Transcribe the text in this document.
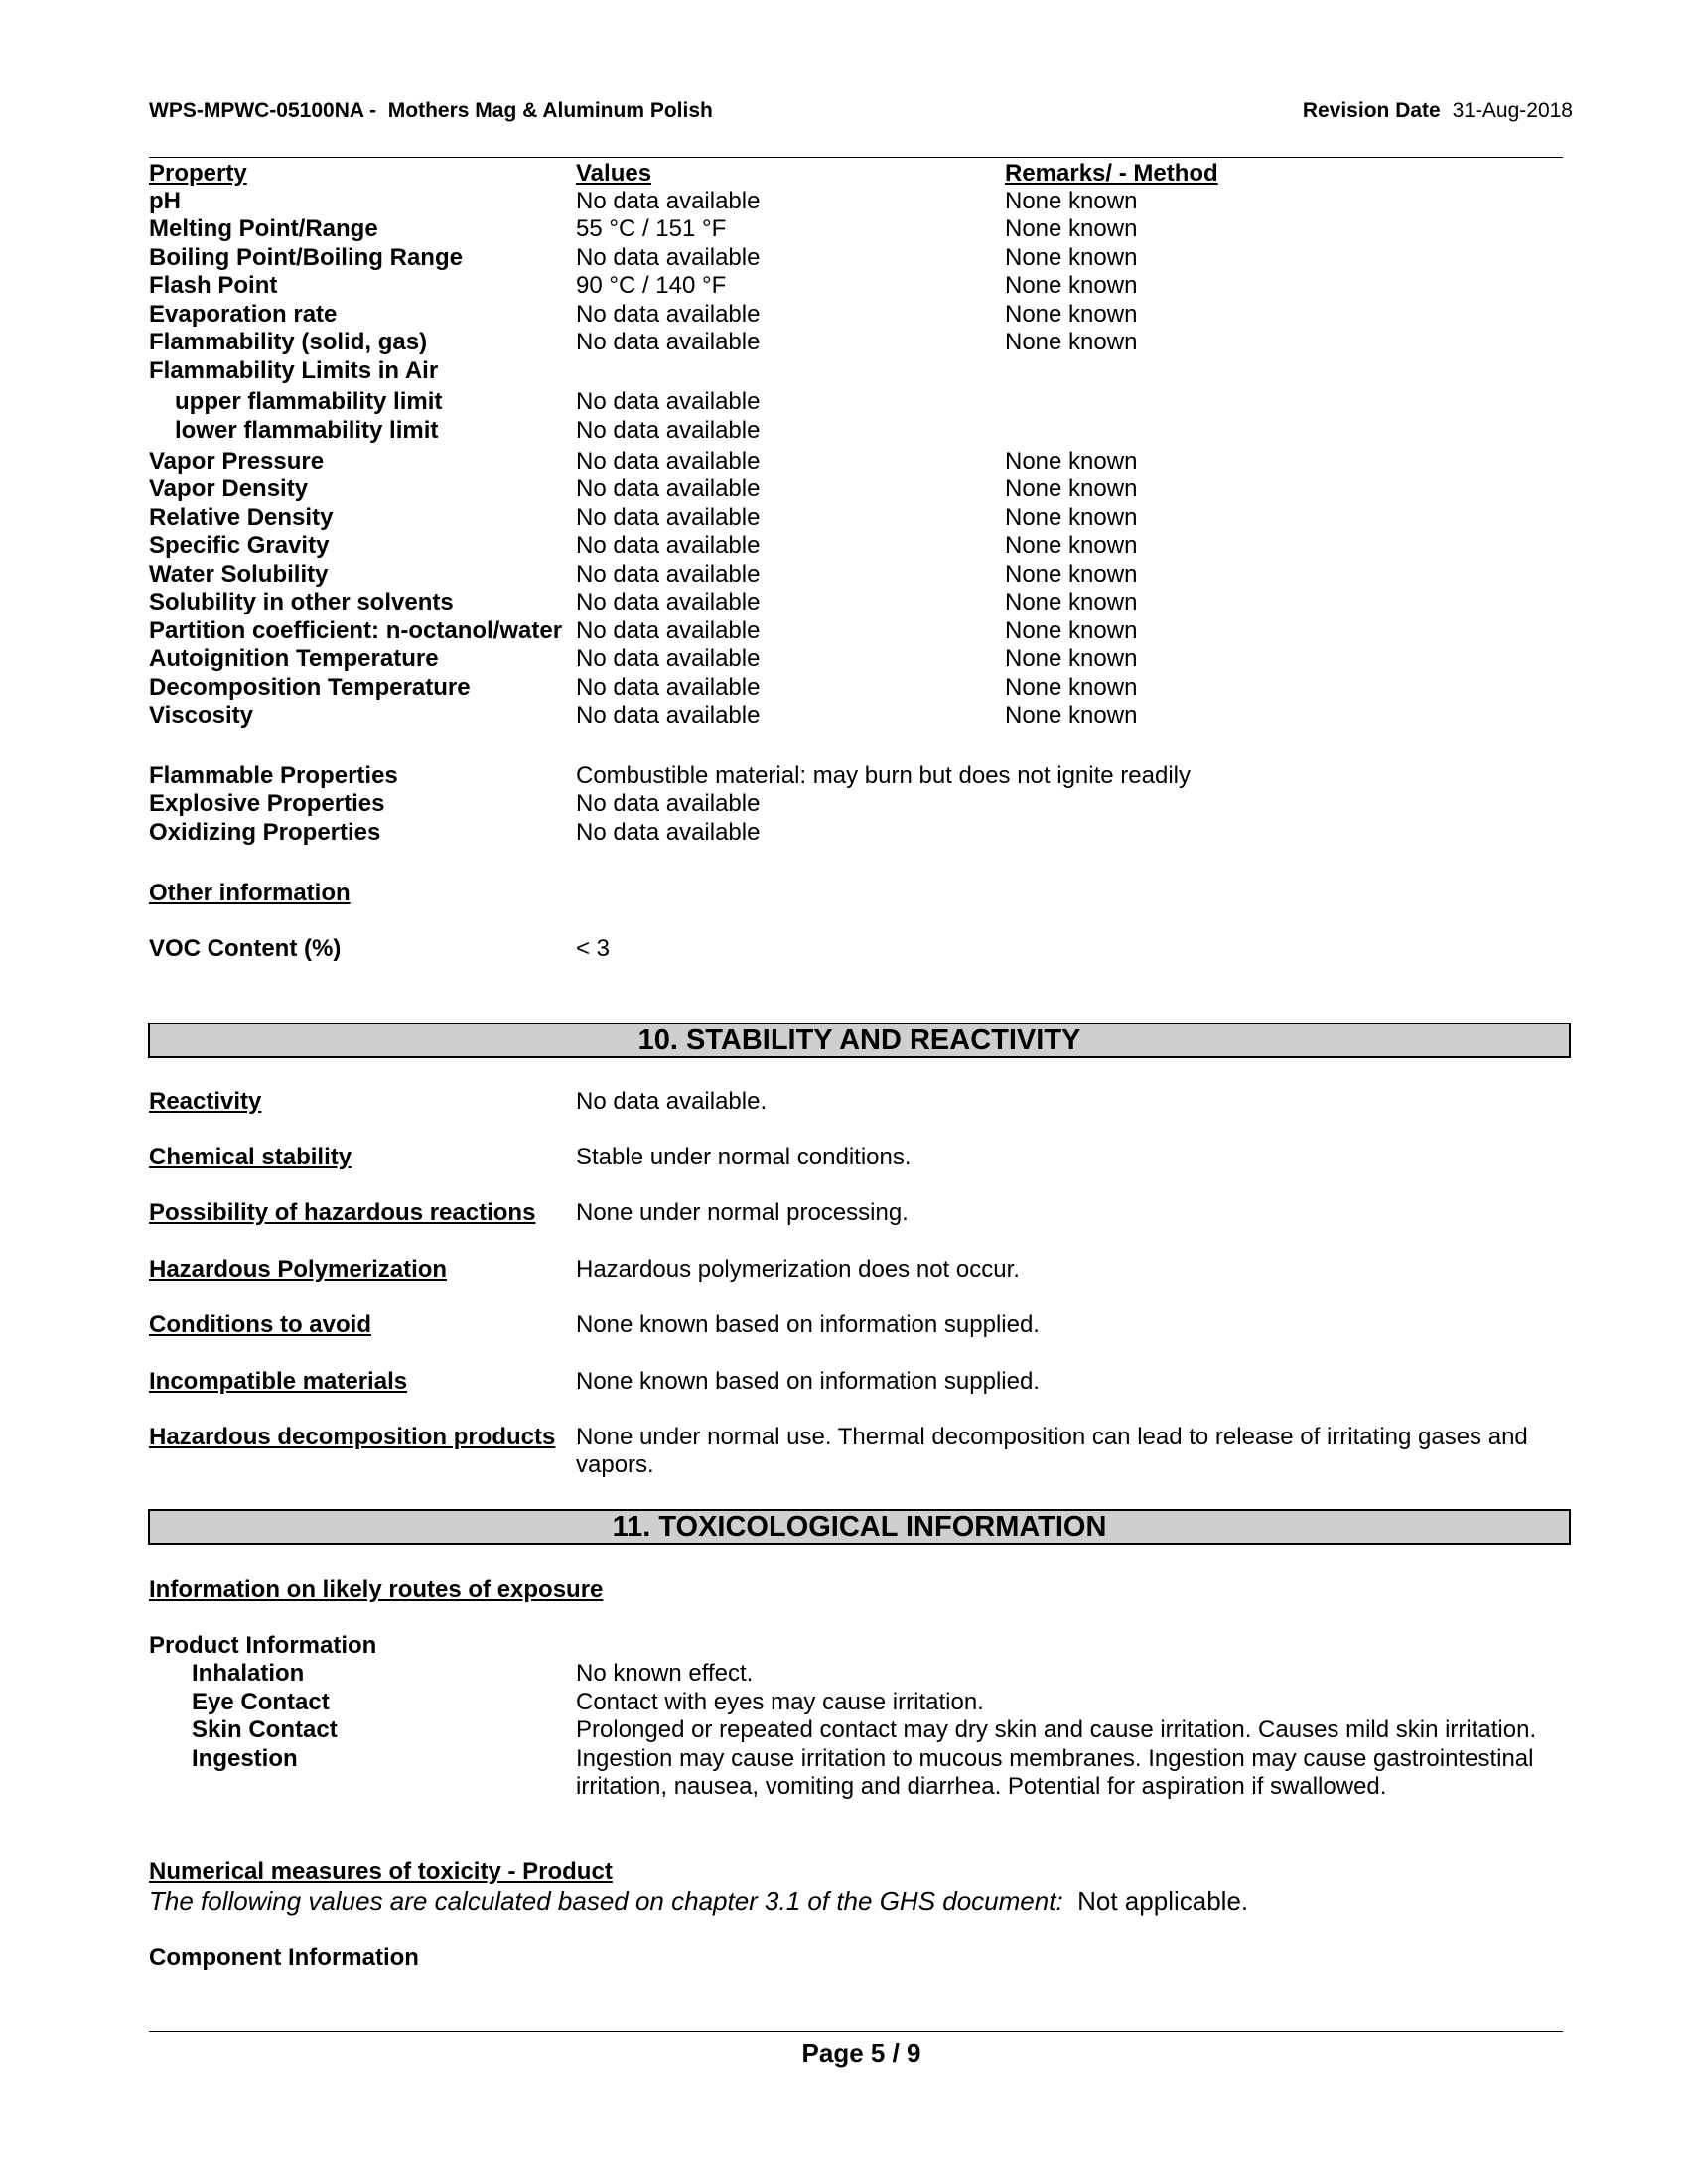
WPS-MPWC-05100NA - Mothers Mag & Aluminum Polish	Revision Date 31-Aug-2018
Property	Values	Remarks/ - Method
pH	No data available	None known
Melting Point/Range	55 °C / 151 °F	None known
Boiling Point/Boiling Range	No data available	None known
Flash Point	90 °C / 140 °F	None known
Evaporation rate	No data available	None known
Flammability (solid, gas)	No data available	None known
Flammability Limits in Air
upper flammability limit	No data available
lower flammability limit	No data available
Vapor Pressure	No data available	None known
Vapor Density	No data available	None known
Relative Density	No data available	None known
Specific Gravity	No data available	None known
Water Solubility	No data available	None known
Solubility in other solvents	No data available	None known
Partition coefficient: n-octanol/water No data available	None known
Autoignition Temperature	No data available	None known
Decomposition Temperature	No data available	None known
Viscosity	No data available	None known
Flammable Properties	Combustible material: may burn but does not ignite readily
Explosive Properties	No data available
Oxidizing Properties	No data available
Other information
VOC Content (%)	< 3
10. STABILITY AND REACTIVITY
Reactivity	No data available.
Chemical stability	Stable under normal conditions.
Possibility of hazardous reactions None under normal processing.
Hazardous Polymerization	Hazardous polymerization does not occur.
Conditions to avoid	None known based on information supplied.
Incompatible materials	None known based on information supplied.
Hazardous decomposition products None under normal use. Thermal decomposition can lead to release of irritating gases and vapors.
11. TOXICOLOGICAL INFORMATION
Information on likely routes of exposure
Product Information
Inhalation	No known effect.
Eye Contact	Contact with eyes may cause irritation.
Skin Contact	Prolonged or repeated contact may dry skin and cause irritation. Causes mild skin irritation.
Ingestion	Ingestion may cause irritation to mucous membranes. Ingestion may cause gastrointestinal irritation, nausea, vomiting and diarrhea. Potential for aspiration if swallowed.
Numerical measures of toxicity - Product
The following values are calculated based on chapter 3.1 of the GHS document: Not applicable.
Component Information
Page 5 / 9
